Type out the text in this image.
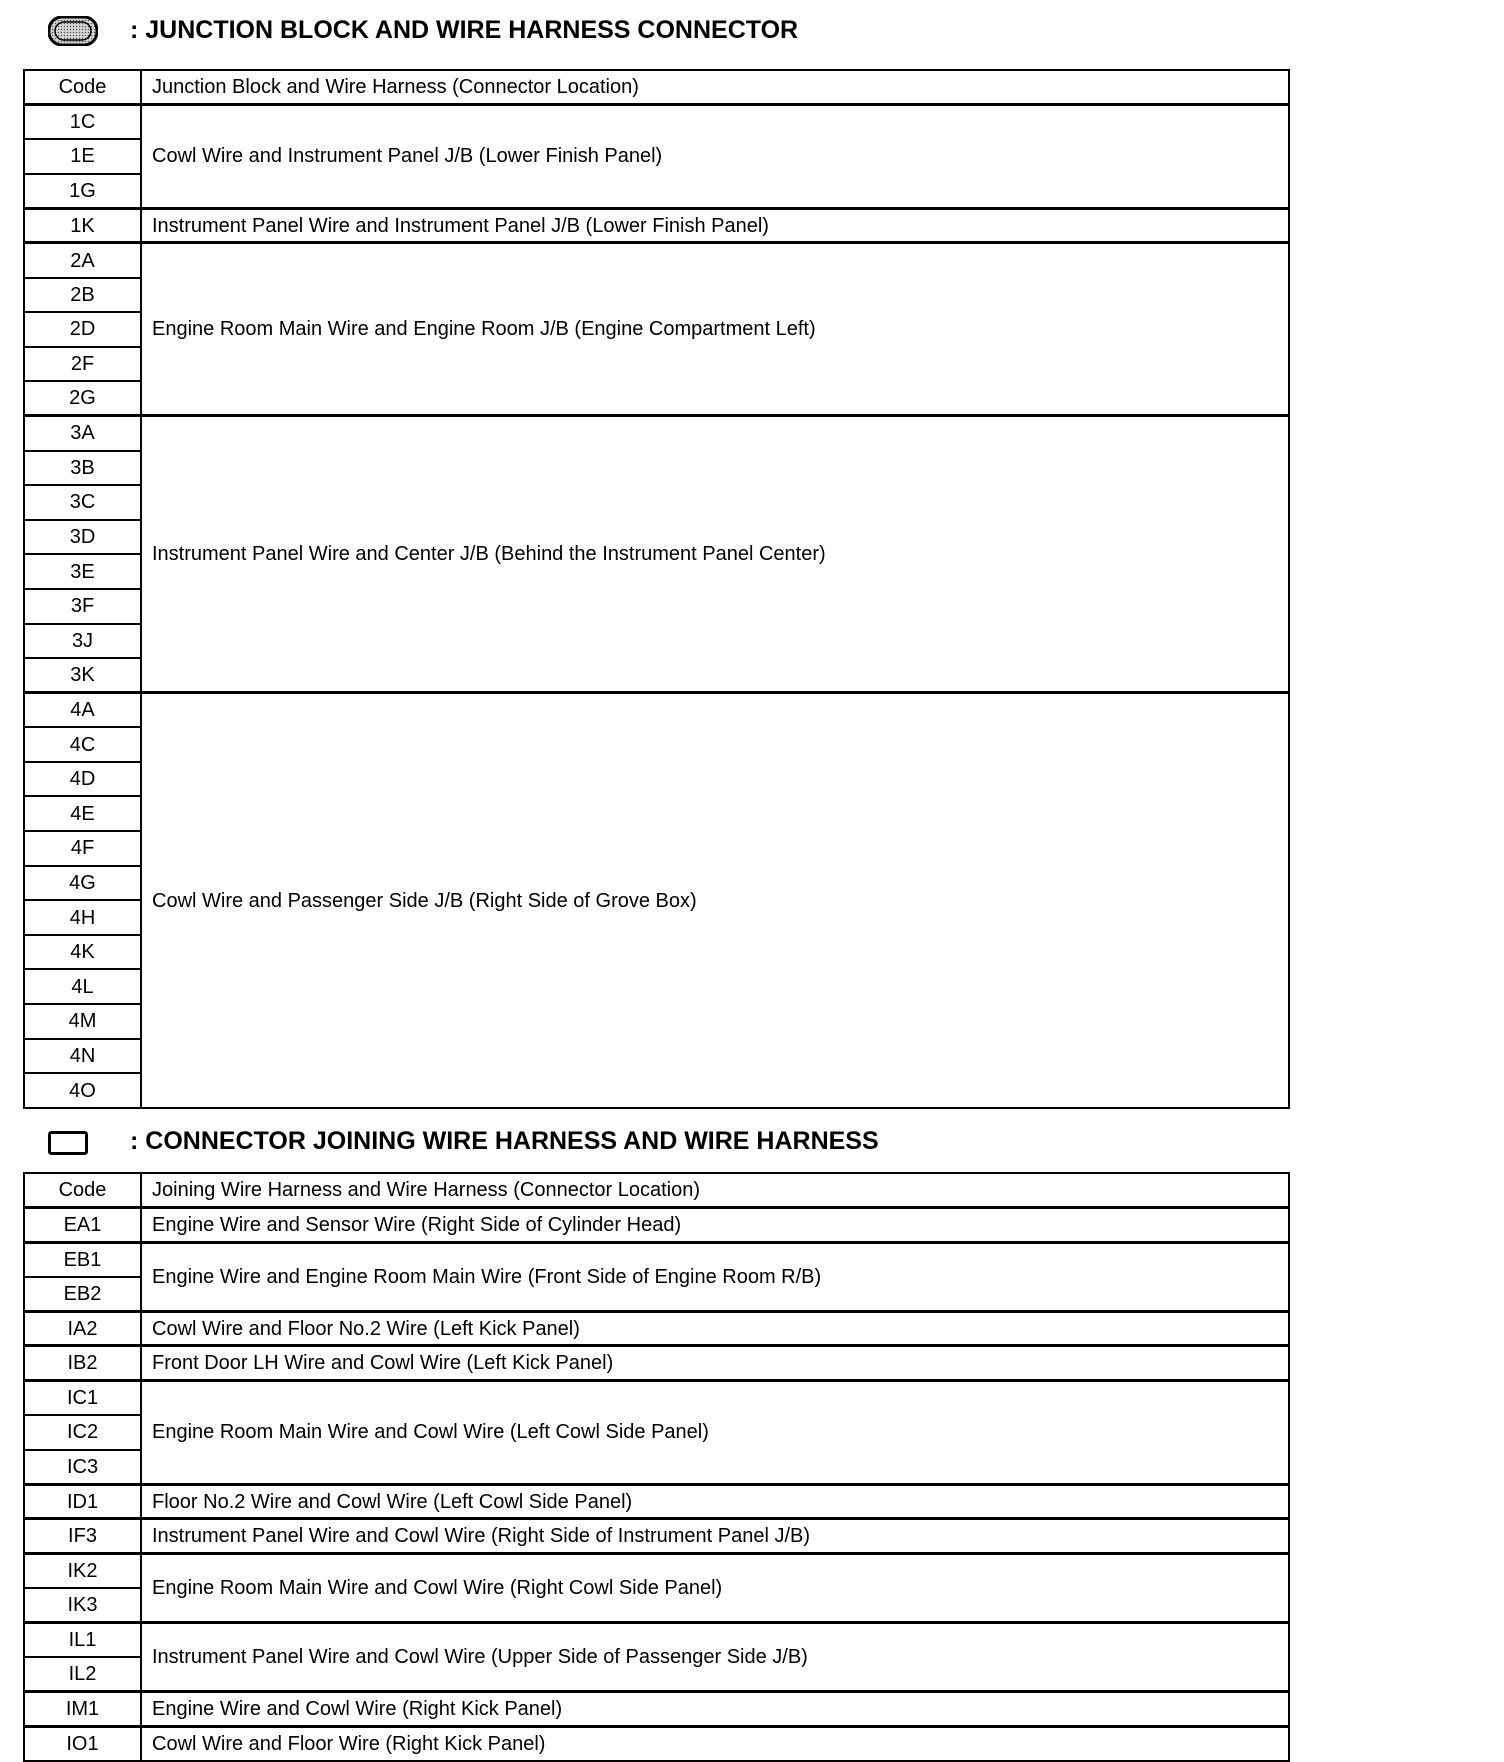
: JUNCTION BLOCK AND WIRE HARNESS CONNECTOR
Code	Junction Block and Wire Harness (Connector Location)
1C	Cowl Wire and Instrument Panel J/B (Lower Finish Panel)
1E	
1G	
1K	Instrument Panel Wire and Instrument Panel J/B (Lower Finish Panel)
2A	Engine Room Main Wire and Engine Room J/B (Engine Compartment Left)
2B	
2D	
2F	
2G	
3A	Instrument Panel Wire and Center J/B (Behind the Instrument Panel Center)
3B	
3C	
3D	
3E	
3F	
3J	
3K	
4A	Cowl Wire and Passenger Side J/B (Right Side of Grove Box)
4C	
4D	
4E	
4F	
4G	
4H	
4K	
4L	
4M	
4N	
4O	
: CONNECTOR JOINING WIRE HARNESS AND WIRE HARNESS
Code	Joining Wire Harness and Wire Harness (Connector Location)
EA1	Engine Wire and Sensor Wire (Right Side of Cylinder Head)
EB1	Engine Wire and Engine Room Main Wire (Front Side of Engine Room R/B)
EB2	
IA2	Cowl Wire and Floor No.2 Wire (Left Kick Panel)
IB2	Front Door LH Wire and Cowl Wire (Left Kick Panel)
IC1	Engine Room Main Wire and Cowl Wire (Left Cowl Side Panel)
IC2	
IC3	
ID1	Floor No.2 Wire and Cowl Wire (Left Cowl Side Panel)
IF3	Instrument Panel Wire and Cowl Wire (Right Side of Instrument Panel J/B)
IK2	Engine Room Main Wire and Cowl Wire (Right Cowl Side Panel)
IK3	
IL1	Instrument Panel Wire and Cowl Wire (Upper Side of Passenger Side J/B)
IL2	
IM1	Engine Wire and Cowl Wire (Right Kick Panel)
IO1	Cowl Wire and Floor Wire (Right Kick Panel)
